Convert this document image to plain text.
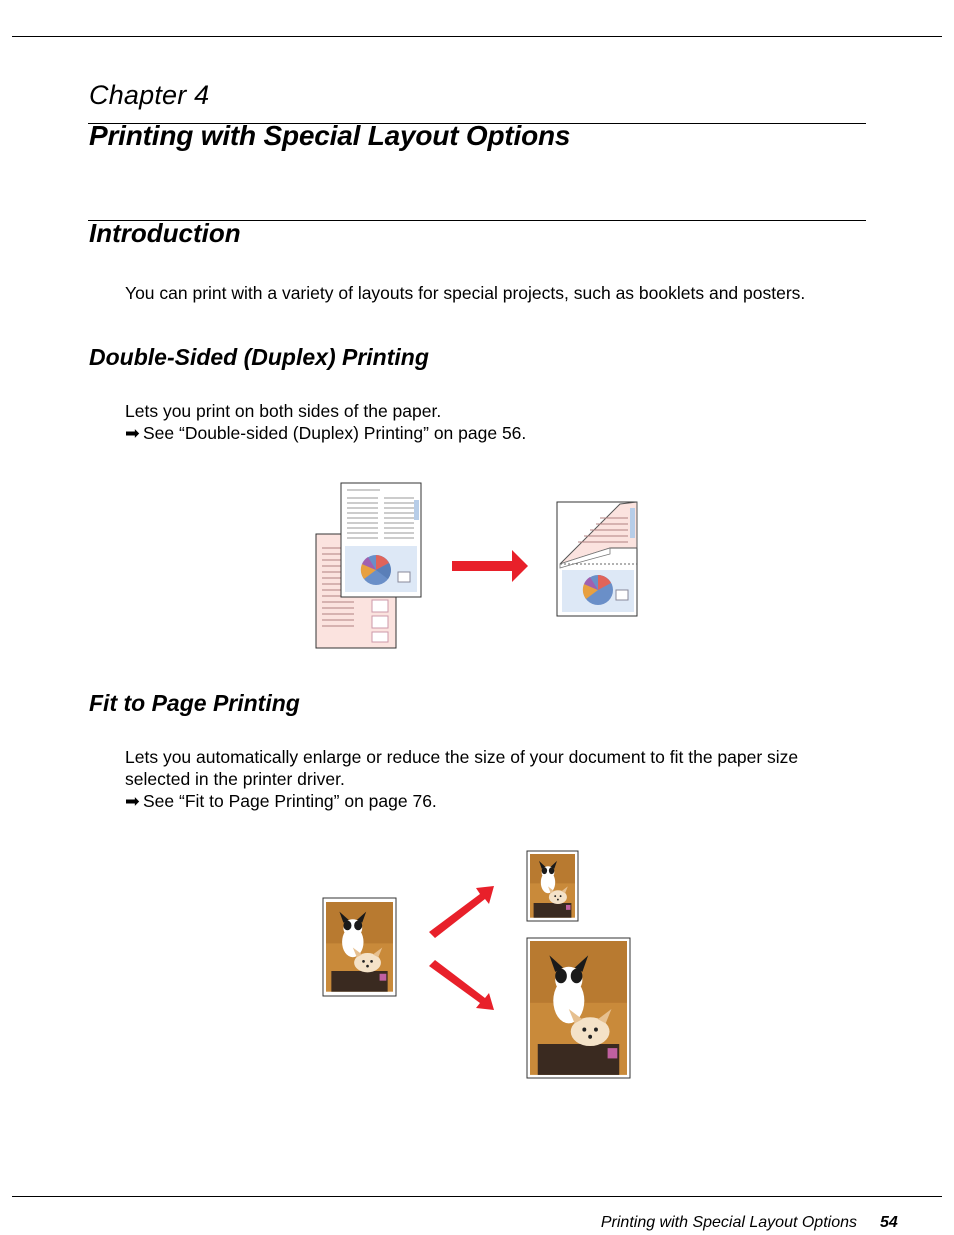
Chapter 4
Printing with Special Layout Options
Introduction
You can print with a variety of layouts for special projects, such as booklets and posters.
Double-Sided (Duplex) Printing
Lets you print on both sides of the paper.
➡ See “Double-sided (Duplex) Printing” on page 56.
Fit to Page Printing
Lets you automatically enlarge or reduce the size of your document to fit the paper size
selected in the printer driver.
➡ See “Fit to Page Printing” on page 76.
Printing with Special Layout Options 54
